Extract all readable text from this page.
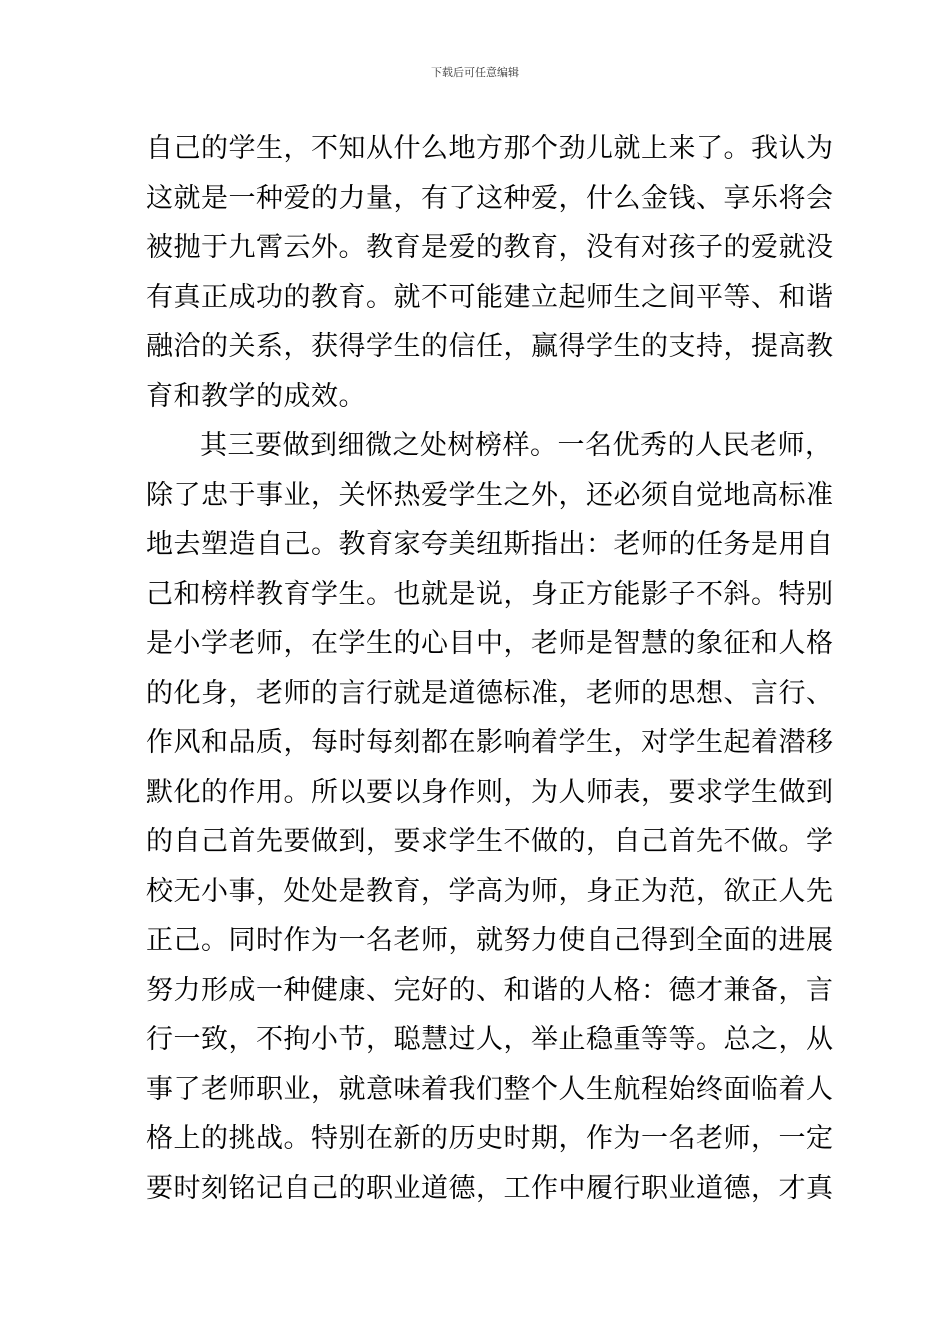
下载后可任意编辑
自己的学生，不知从什么地方那个劲儿就上来了。我认为
这就是一种爱的力量，有了这种爱，什么金钱、享乐将会
被抛于九霄云外。教育是爱的教育，没有对孩子的爱就没
有真正成功的教育。就不可能建立起师生之间平等、和谐
融洽的关系，获得学生的信任，赢得学生的支持，提高教
育和教学的成效。
其三要做到细微之处树榜样。一名优秀的人民老师，
除了忠于事业，关怀热爱学生之外，还必须自觉地高标准
地去塑造自己。教育家夸美纽斯指出：老师的任务是用自
己和榜样教育学生。也就是说，身正方能影子不斜。特别
是小学老师，在学生的心目中，老师是智慧的象征和人格
的化身，老师的言行就是道德标准，老师的思想、言行、
作风和品质，每时每刻都在影响着学生，对学生起着潜移
默化的作用。所以要以身作则，为人师表，要求学生做到
的自己首先要做到，要求学生不做的，自己首先不做。学
校无小事，处处是教育，学高为师，身正为范，欲正人先
正己。同时作为一名老师，就努力使自己得到全面的进展
努力形成一种健康、完好的、和谐的人格：德才兼备，言
行一致，不拘小节，聪慧过人，举止稳重等等。总之，从
事了老师职业，就意味着我们整个人生航程始终面临着人
格上的挑战。特别在新的历史时期，作为一名老师，一定
要时刻铭记自己的职业道德，工作中履行职业道德，才真
